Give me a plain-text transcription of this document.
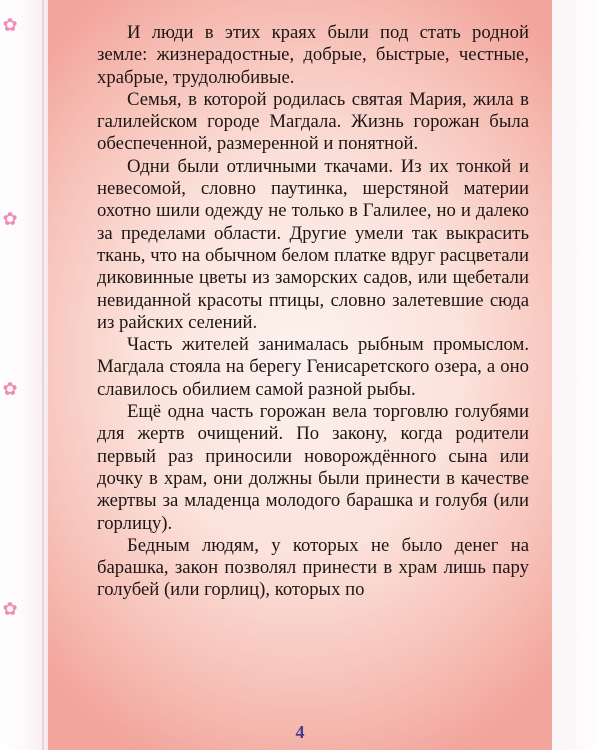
✿
✿
✿
✿

И люди в этих краях были под стать родной земле: жизнерадостные, добрые, быстрые, честные, храбрые, трудолюбивые.

Семья, в которой родилась святая Мария, жила в галилейском городе Магдала. Жизнь горожан была обеспеченной, размеренной и понятной.

Одни были отличными ткачами. Из их тонкой и невесомой, словно паутинка, шерстяной материи охотно шили одежду не только в Галилее, но и далеко за пределами области. Другие умели так выкрасить ткань, что на обычном белом платке вдруг расцветали диковинные цветы из заморских садов, или щебетали невиданной красоты птицы, словно залетевшие сюда из райских селений.

Часть жителей занималась рыбным промыслом. Магдала стояла на берегу Генисаретского озера, а оно славилось обилием самой разной рыбы.

Ещё одна часть горожан вела торговлю голубями для жертв очищений. По закону, когда родители первый раз приносили новорождённого сына или дочку в храм, они должны были принести в качестве жертвы за младенца молодого барашка и голубя (или горлицу).

Бедным людям, у которых не было денег на барашка, закон позволял принести в храм лишь пару голубей (или горлиц), которых по

4
